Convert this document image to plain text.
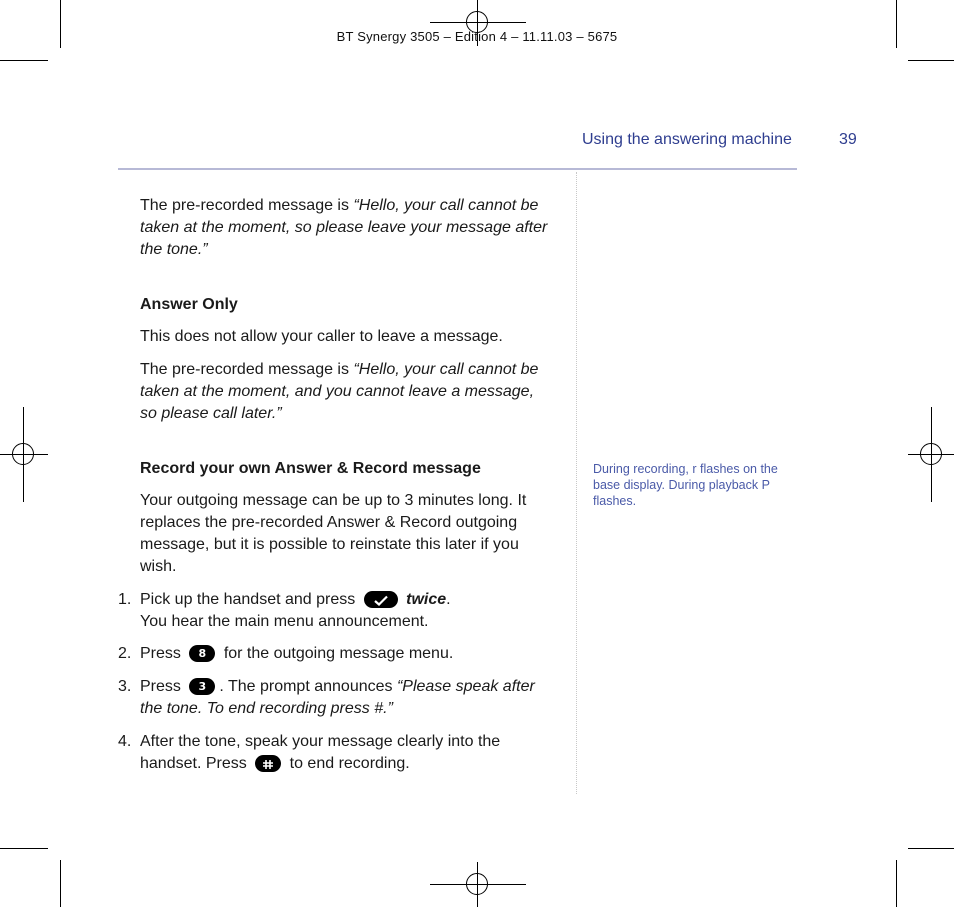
BT Synergy 3505 – Edition 4 – 11.11.03 – 5675
Using the answering machine	39

The pre-recorded message is “Hello, your call cannot be taken at the moment, so please leave your message after the tone.”

Answer Only
This does not allow your caller to leave a message.

The pre-recorded message is “Hello, your call cannot be taken at the moment, and you cannot leave a message, so please call later.”

Record your own Answer & Record message
Your outgoing message can be up to 3 minutes long. It replaces the pre-recorded Answer & Record outgoing message, but it is possible to reinstate this later if you wish.
1. Pick up the handset and press	twice.
You hear the main menu announcement.
2. Press 8 for the outgoing message menu.
3. Press 3 . The prompt announces “Please speak after the tone. To end recording press #.”
4. After the tone, speak your message clearly into the handset. Press	to end recording.
During recording, r flashes on the base display. During playback P flashes.
